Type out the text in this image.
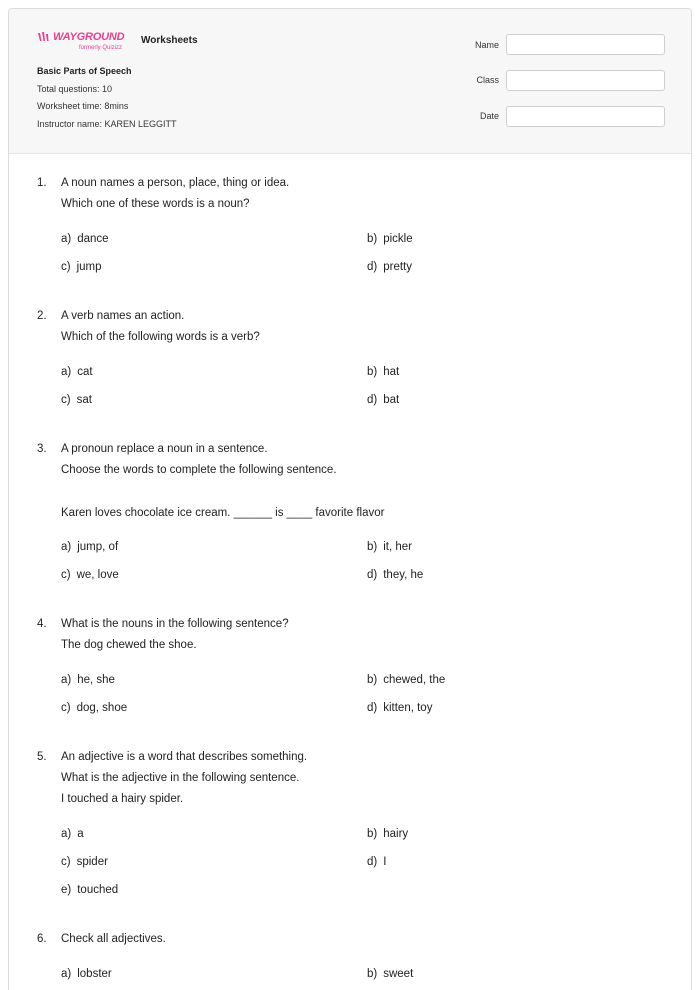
WAYGROUND
formerly Quizizz
Worksheets
Basic Parts of Speech
Total questions: 10
Worksheet time: 8mins
Instructor name: KAREN LEGGITT
Name
Class
Date
1. A noun names a person, place, thing or idea.
Which one of these words is a noun?
a) dance	b) pickle
c) jump	d) pretty
2. A verb names an action.
Which of the following words is a verb?
a) cat	b) hat
c) sat	d) bat
3. A pronoun replace a noun in a sentence.
Choose the words to complete the following sentence.
Karen loves chocolate ice cream. ______ is ____ favorite flavor
a) jump, of	b) it, her
c) we, love	d) they, he
4. What is the nouns in the following sentence?
The dog chewed the shoe.
a) he, she	b) chewed, the
c) dog, shoe	d) kitten, toy
5. An adjective is a word that describes something.
What is the adjective in the following sentence.
I touched a hairy spider.
a) a	b) hairy
c) spider	d) I
e) touched
6. Check all adjectives.
a) lobster	b) sweet
